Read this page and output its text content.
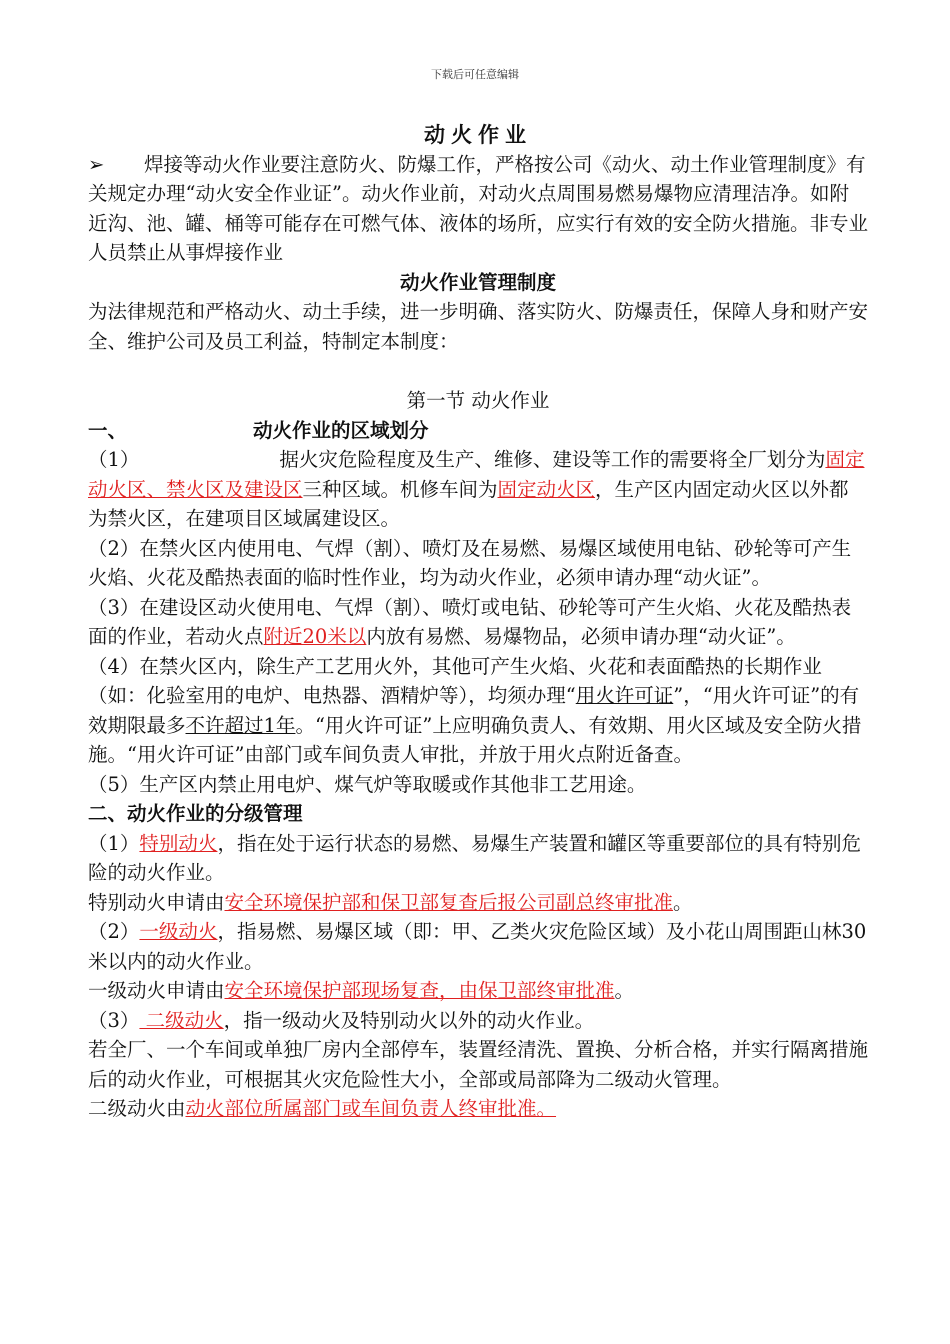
下载后可任意编辑

动火作业

➢ 焊接等动火作业要注意防火、防爆工作，严格按公司《动火、动土作业管理制度》有关规定办理“动火安全作业证”。动火作业前，对动火点周围易燃易爆物应清理洁净。如附近沟、池、罐、桶等可能存在可燃气体、液体的场所，应实行有效的安全防火措施。非专业人员禁止从事焊接作业

动火作业管理制度

为法律规范和严格动火、动土手续，进一步明确、落实防火、防爆责任，保障人身和财产安全、维护公司及员工利益，特制定本制度：

第一节 动火作业

一、	动火作业的区域划分

（1）	据火灾危险程度及生产、维修、建设等工作的需要将全厂划分为固定动火区、禁火区及建设区三种区域。机修车间为固定动火区，生产区内固定动火区以外都为禁火区，在建项目区域属建设区。

（2）在禁火区内使用电、气焊（割）、喷灯及在易燃、易爆区域使用电钻、砂轮等可产生火焰、火花及酷热表面的临时性作业，均为动火作业，必须申请办理“动火证”。

（3）在建设区动火使用电、气焊（割）、喷灯或电钻、砂轮等可产生火焰、火花及酷热表面的作业，若动火点附近20米以内放有易燃、易爆物品，必须申请办理“动火证”。

（4）在禁火区内，除生产工艺用火外，其他可产生火焰、火花和表面酷热的长期作业（如：化验室用的电炉、电热器、酒精炉等），均须办理“用火许可证”，“用火许可证”的有效期限最多不许超过1年。“用火许可证”上应明确负责人、有效期、用火区域及安全防火措施。“用火许可证”由部门或车间负责人审批，并放于用火点附近备查。

（5）生产区内禁止用电炉、煤气炉等取暖或作其他非工艺用途。

二、动火作业的分级管理

（1）特别动火，指在处于运行状态的易燃、易爆生产装置和罐区等重要部位的具有特别危险的动火作业。

特别动火申请由安全环境保护部和保卫部复查后报公司副总终审批准。

（2）一级动火，指易燃、易爆区域（即：甲、乙类火灾危险区域）及小花山周围距山林30米以内的动火作业。

一级动火申请由安全环境保护部现场复查，由保卫部终审批准。

（3） 二级动火，指一级动火及特别动火以外的动火作业。

若全厂、一个车间或单独厂房内全部停车，装置经清洗、置换、分析合格，并实行隔离措施后的动火作业，可根据其火灾危险性大小，全部或局部降为二级动火管理。

二级动火由动火部位所属部门或车间负责人终审批准。
